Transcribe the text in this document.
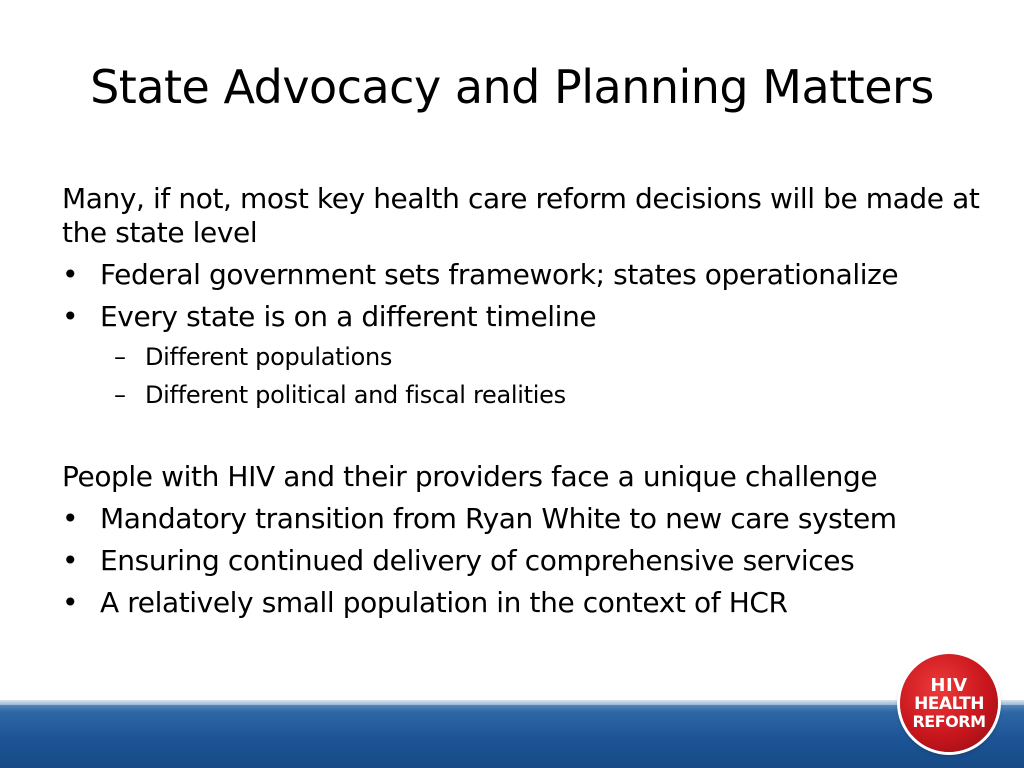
State Advocacy and Planning Matters

Many, if not, most key health care reform decisions will be made at the state level

• Federal government sets framework; states operationalize
• Every state is on a different timeline
– Different populations
– Different political and fiscal realities

People with HIV and their providers face a unique challenge

• Mandatory transition from Ryan White to new care system
• Ensuring continued delivery of comprehensive services
• A relatively small population in the context of HCR
HIV
HEALTH
REFORM
